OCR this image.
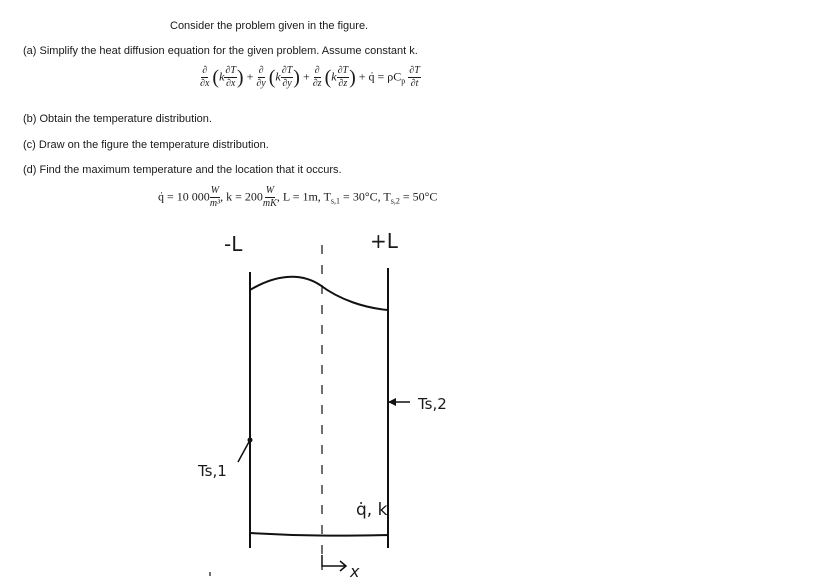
Consider the problem given in the figure.
(a) Simplify the heat diffusion equation for the given problem. Assume constant k.
$\frac{\partial}{\partial x} (k \frac{\partial T}{\partial x}$ ) + $\frac{\partial}{\partial y} (k \frac{\partial T}{\partial y}$ ) + $\frac{\partial}{\partial z} (k \frac{\partial T}{\partial z}$ ) + q̇ = $\rho C_p \frac{\partial T}{\partial t}$
(b) Obtain the temperature distribution.
(c) Draw on the figure the temperature distribution.
(d) Find the maximum temperature and the location that it occurs.
q̇ = 10 $000 \frac{W}{\text{m³}}$ , $k = 200 \frac{W}{mK}$ , L = 1m, $T_{s,1} = 30^\circ C$, $T_{s,2} = 50^\circ C$
-L	+L
Ts,1
Ts,2
q̇, k
x
